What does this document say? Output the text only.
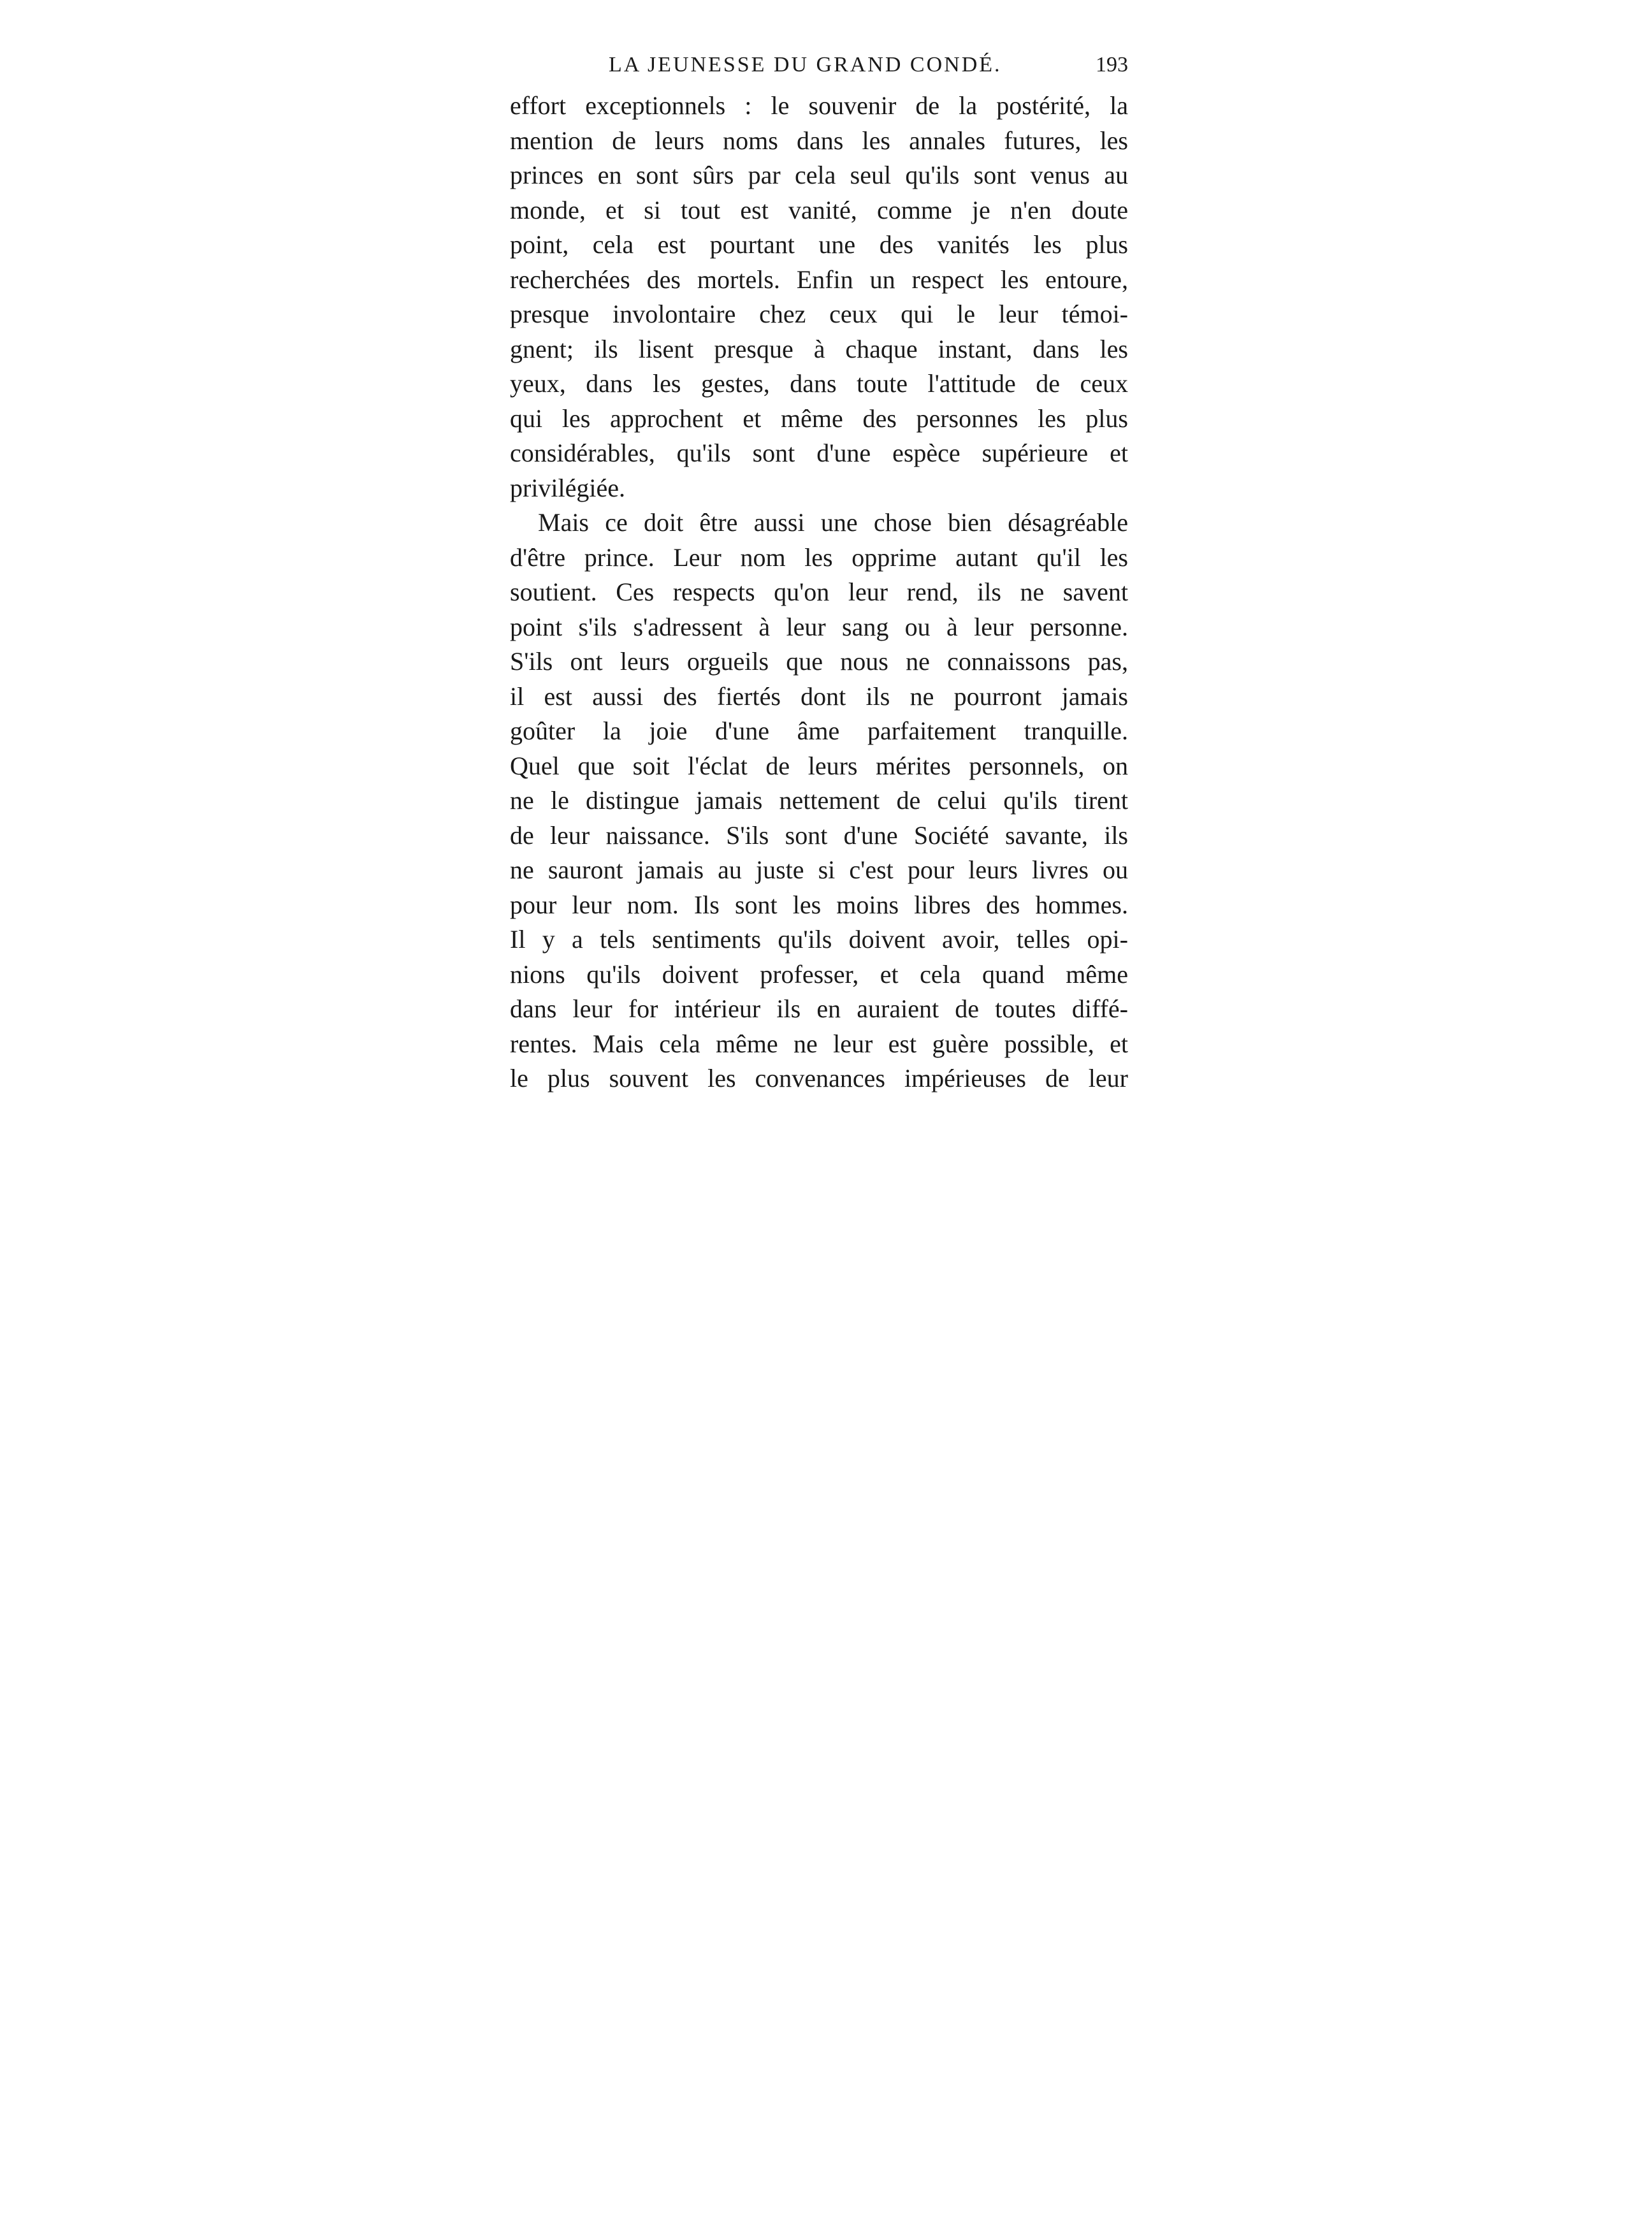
LA JEUNESSE DU GRAND CONDÉ.	193
effort exceptionnels : le souvenir de la postérité, la
mention de leurs noms dans les annales futures, les
princes en sont sûrs par cela seul qu'ils sont venus au
monde, et si tout est vanité, comme je n'en doute
point, cela est pourtant une des vanités les plus
recherchées des mortels. Enfin un respect les entoure,
presque involontaire chez ceux qui le leur témoi-
gnent; ils lisent presque à chaque instant, dans les
yeux, dans les gestes, dans toute l'attitude de ceux
qui les approchent et même des personnes les plus
considérables, qu'ils sont d'une espèce supérieure et
privilégiée.
Mais ce doit être aussi une chose bien désagréable
d'être prince. Leur nom les opprime autant qu'il les
soutient. Ces respects qu'on leur rend, ils ne savent
point s'ils s'adressent à leur sang ou à leur personne.
S'ils ont leurs orgueils que nous ne connaissons pas,
il est aussi des fiertés dont ils ne pourront jamais
goûter la joie d'une âme parfaitement tranquille.
Quel que soit l'éclat de leurs mérites personnels, on
ne le distingue jamais nettement de celui qu'ils tirent
de leur naissance. S'ils sont d'une Société savante, ils
ne sauront jamais au juste si c'est pour leurs livres ou
pour leur nom. Ils sont les moins libres des hommes.
Il y a tels sentiments qu'ils doivent avoir, telles opi-
nions qu'ils doivent professer, et cela quand même
dans leur for intérieur ils en auraient de toutes diffé-
rentes. Mais cela même ne leur est guère possible, et
le plus souvent les convenances impérieuses de leur
